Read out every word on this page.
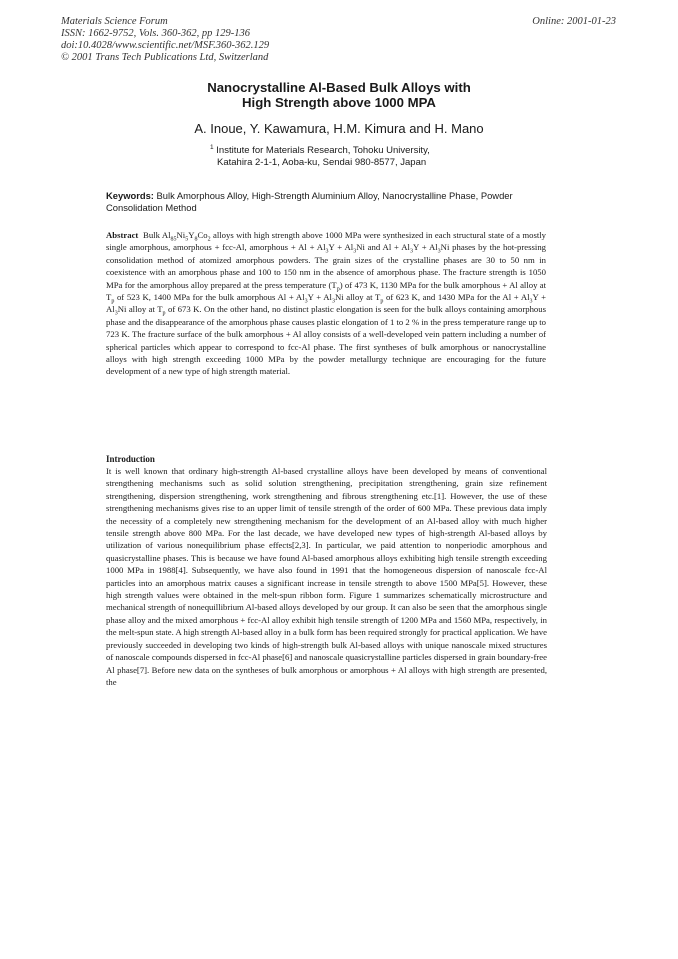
Materials Science Forum
ISSN: 1662-9752, Vols. 360-362, pp 129-136
doi:10.4028/www.scientific.net/MSF.360-362.129
© 2001 Trans Tech Publications Ltd, Switzerland
Online: 2001-01-23
Nanocrystalline Al-Based Bulk Alloys with
High Strength above 1000 MPA
A. Inoue, Y. Kawamura, H.M. Kimura and H. Mano
$^1$ Institute for Materials Research, Tohoku University,
Katahira 2-1-1, Aoba-ku, Sendai 980-8577, Japan
Keywords: Bulk Amorphous Alloy, High-Strength Aluminium Alloy, Nanocrystalline Phase, Powder Consolidation Method
Abstract Bulk $Al_{85}Ni_5Y_8Co_2$ alloys with high strength above 1000 MPa were synthesized in each structural state of a mostly single amorphous, amorphous + fcc-Al, amorphous + $Al + Al_3Y + Al_3Ni$ and $Al + Al_3Y + Al_3Ni$ phases by the hot-pressing consolidation method of atomized amorphous powders. The grain sizes of the crystalline phases are 30 to 50 nm in coexistence with an amorphous phase and 100 to 150 nm in the absence of amorphous phase. The fracture strength is 1050 MPa for the amorphous alloy prepared at the press temperature $(T_p)$ of 473 K, 1130 MPa for the bulk amorphous + Al alloy at $T_p$ of 523 K, 1400 MPa for the bulk amorphous $Al + Al_3Y + Al_3Ni$ alloy at $T_p$ of 623 K, and 1430 MPa for the $Al + Al_3Y + Al_3Ni$ alloy at $T_p$ of 673 K. On the other hand, no distinct plastic elongation is seen for the bulk alloys containing amorphous phase and the disappearance of the amorphous phase causes plastic elongation of 1 to 2 % in the press temperature range up to 723 K. The fracture surface of the bulk amorphous + Al alloy consists of a well-developed vein pattern including a number of spherical particles which appear to correspond to fcc-Al phase. The first syntheses of bulk amorphous or nanocrystalline alloys with high strength exceeding 1000 MPa by the powder metallurgy technique are encouraging for the future development of a new type of high strength material.
Introduction
It is well known that ordinary high-strength Al-based crystalline alloys have been developed by means of conventional strengthening mechanisms such as solid solution strengthening, precipitation strengthening, grain size refinement strengthening, dispersion strengthening, work strengthening and fibrous strengthening etc.[1]. However, the use of these strengthening mechanisms gives rise to an upper limit of tensile strength of the order of 600 MPa. These previous data imply the necessity of a completely new strengthening mechanism for the development of an Al-based alloy with much higher tensile strength above 800 MPa. For the last decade, we have developed new types of high-strength Al-based alloys by utilization of various nonequilibrium phase effects[2,3]. In particular, we paid attention to nonperiodic amorphous and quasicrystalline phases. This is because we have found Al-based amorphous alloys exhibiting high tensile strength exceeding 1000 MPa in 1988[4]. Subsequently, we have also found in 1991 that the homogeneous dispersion of nanoscale fcc-Al particles into an amorphous matrix causes a significant increase in tensile strength to above 1500 MPa[5]. However, these high strength values were obtained in the melt-spun ribbon form. Figure 1 summarizes schematically microstructure and mechanical strength of nonequillibrium Al-based alloys developed by our group. It can also be seen that the amorphous single phase alloy and the mixed amorphous + fcc-Al alloy exhibit high tensile strength of 1200 MPa and 1560 MPa, respectively, in the melt-spun state. A high strength Al-based alloy in a bulk form has been required strongly for practical application. We have previously succeeded in developing two kinds of high-strength bulk Al-based alloys with unique nanoscale mixed structures of nanoscale compounds dispersed in fcc-Al phase[6] and nanoscale quasicrystalline particles dispersed in grain boundary-free Al phase[7]. Before new data on the syntheses of bulk amorphous or amorphous + Al alloys with high strength are presented, the
